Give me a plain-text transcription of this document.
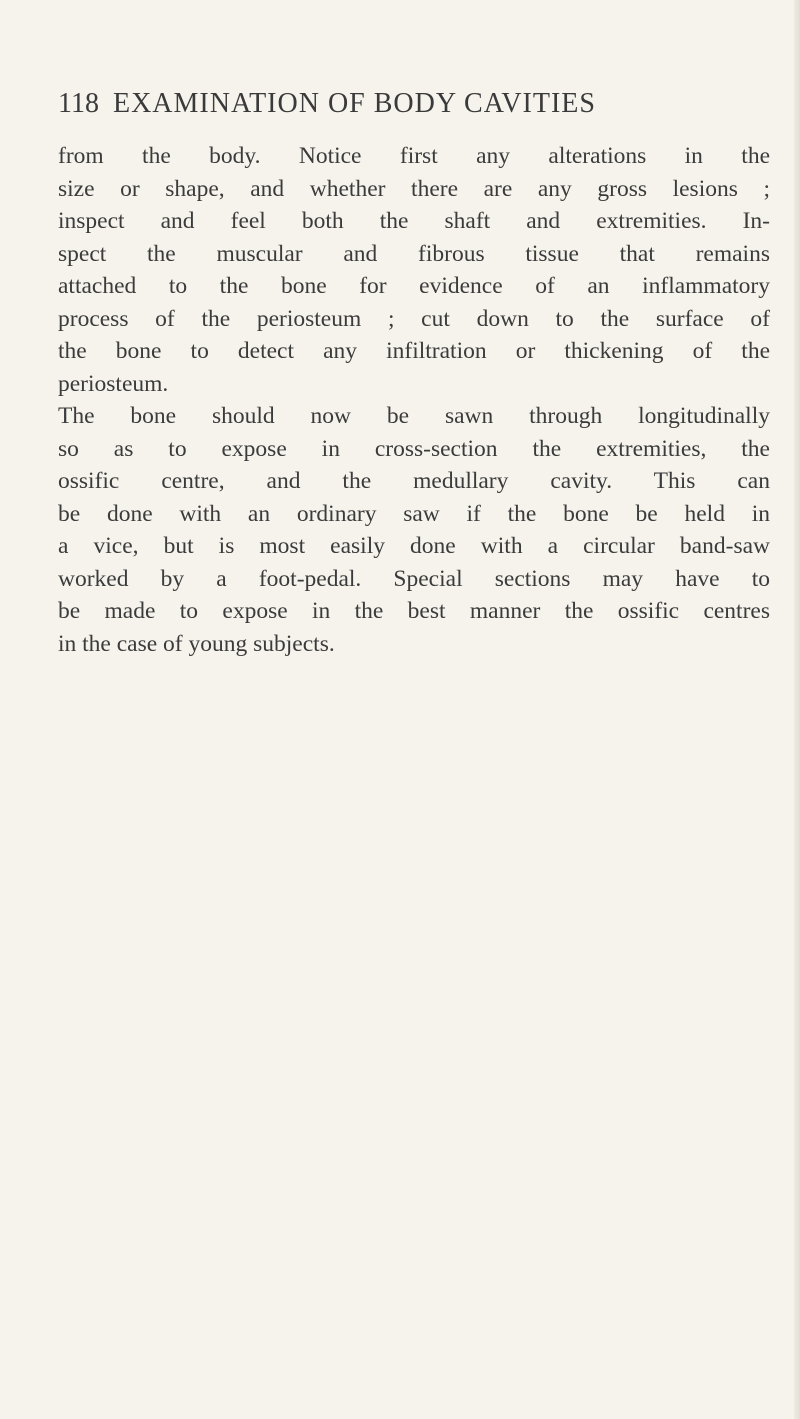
118 EXAMINATION OF BODY CAVITIES
from the body. Notice first any alterations in the
size or shape, and whether there are any gross lesions ;
inspect and feel both the shaft and extremities. In-
spect the muscular and fibrous tissue that remains
attached to the bone for evidence of an inflammatory
process of the periosteum ; cut down to the surface of
the bone to detect any infiltration or thickening of the
periosteum.
The bone should now be sawn through longitudinally
so as to expose in cross-section the extremities, the
ossific centre, and the medullary cavity. This can
be done with an ordinary saw if the bone be held in
a vice, but is most easily done with a circular band-saw
worked by a foot-pedal. Special sections may have to
be made to expose in the best manner the ossific centres
in the case of young subjects.
